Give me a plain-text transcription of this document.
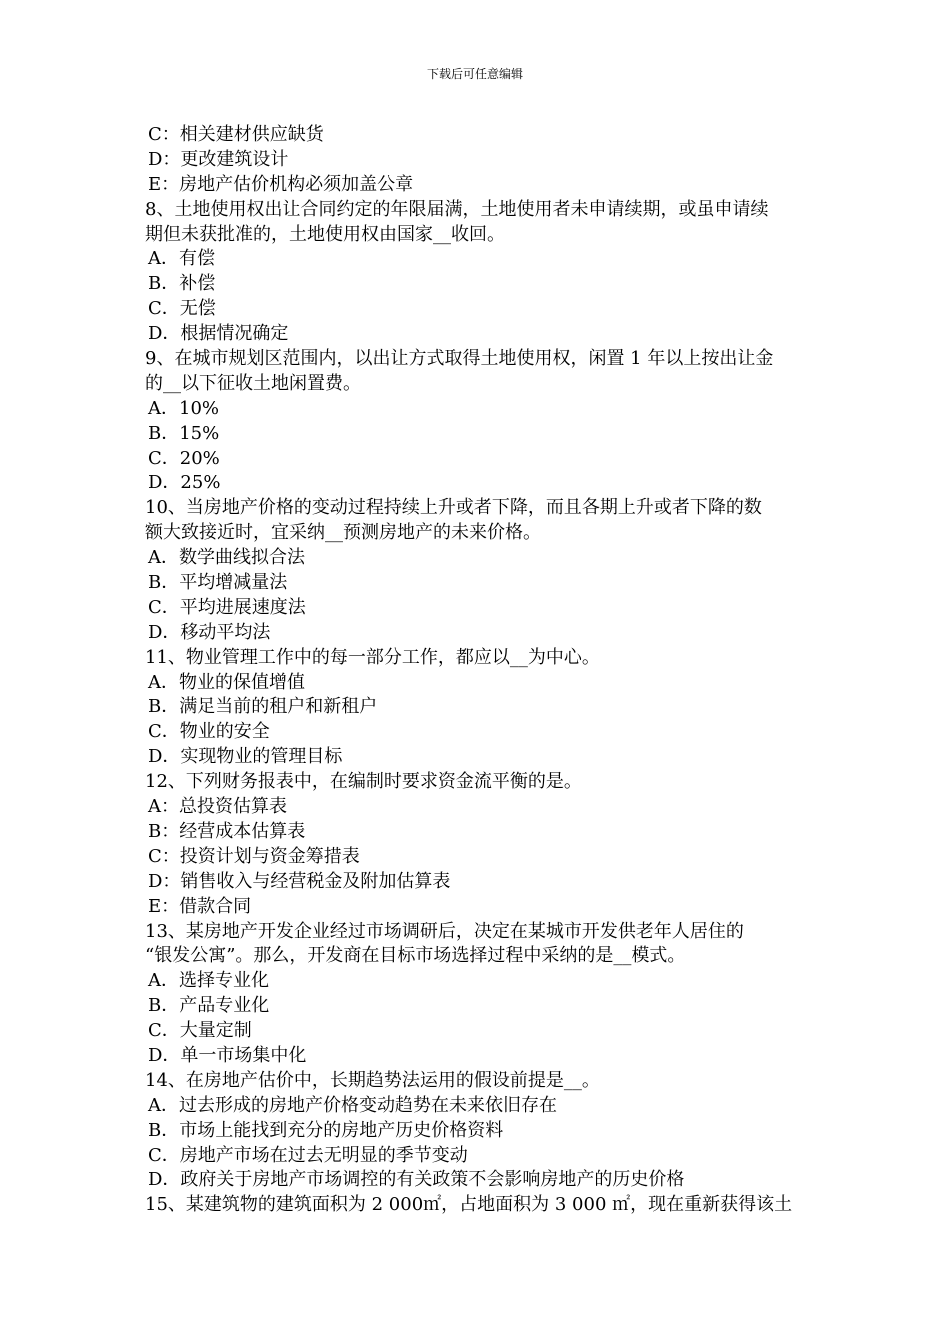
下载后可任意编辑
C：相关建材供应缺货
D：更改建筑设计
E：房地产估价机构必须加盖公章
8、土地使用权出让合同约定的年限届满，土地使用者未申请续期，或虽申请续
期但未获批准的，土地使用权由国家__收回。
A．有偿
B．补偿
C．无偿
D．根据情况确定
9、在城市规划区范围内，以出让方式取得土地使用权，闲置 1 年以上按出让金
的__以下征收土地闲置费。
A．10%
B．15%
C．20%
D．25%
10、当房地产价格的变动过程持续上升或者下降，而且各期上升或者下降的数
额大致接近时，宜采纳__预测房地产的未来价格。
A．数学曲线拟合法
B．平均增减量法
C．平均进展速度法
D．移动平均法
11、物业管理工作中的每一部分工作，都应以__为中心。
A．物业的保值增值
B．满足当前的租户和新租户
C．物业的安全
D．实现物业的管理目标
12、下列财务报表中，在编制时要求资金流平衡的是。
A：总投资估算表
B：经营成本估算表
C：投资计划与资金筹措表
D：销售收入与经营税金及附加估算表
E：借款合同
13、某房地产开发企业经过市场调研后，决定在某城市开发供老年人居住的
“银发公寓”。那么，开发商在目标市场选择过程中采纳的是__模式。
A．选择专业化
B．产品专业化
C．大量定制
D．单一市场集中化
14、在房地产估价中，长期趋势法运用的假设前提是__。
A．过去形成的房地产价格变动趋势在未来依旧存在
B．市场上能找到充分的房地产历史价格资料
C．房地产市场在过去无明显的季节变动
D．政府关于房地产市场调控的有关政策不会影响房地产的历史价格
15、某建筑物的建筑面积为 2 000㎡，占地面积为 3 000 ㎡，现在重新获得该土
